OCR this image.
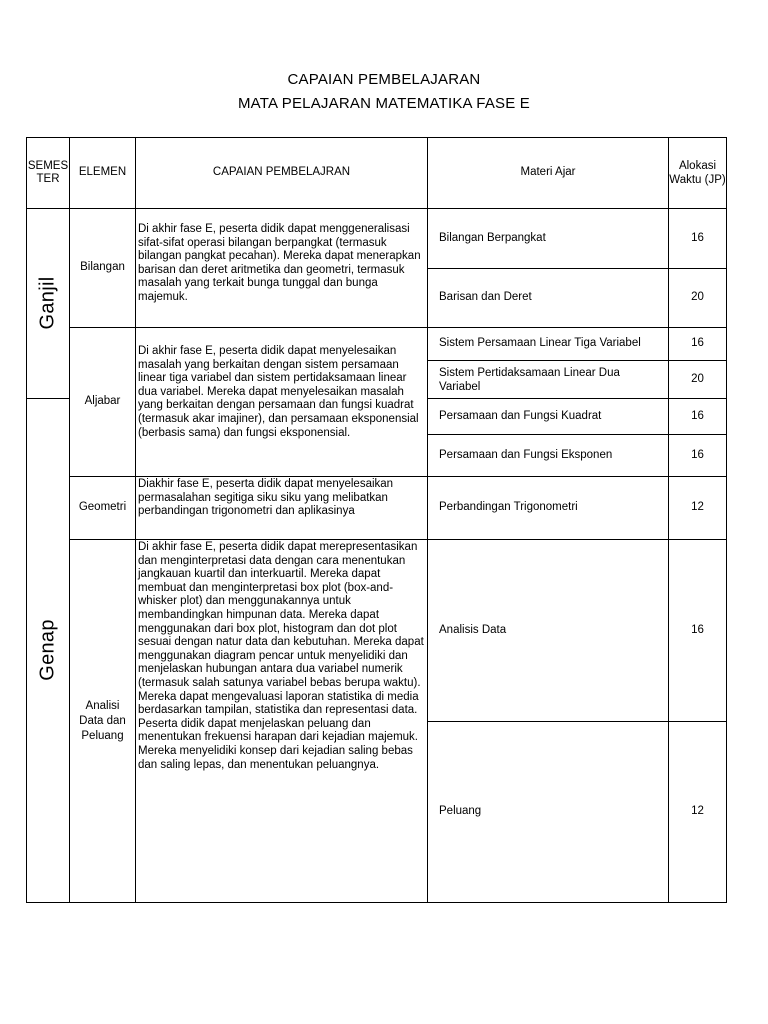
CAPAIAN PEMBELAJARAN
MATA PELAJARAN MATEMATIKA FASE E
SEMES TER
ELEMEN	CAPAIAN PEMBELAJRAN	Materi Ajar
Alokasi Waktu (JP)
Ganjil
Genap
Bilangan
Aljabar
Geometri
Analisi Data dan Peluang
Di akhir fase E, peserta didik dapat menggeneralisasi sifat-sifat operasi bilangan berpangkat (termasuk bilangan pangkat pecahan). Mereka dapat menerapkan barisan dan deret aritmetika dan geometri, termasuk masalah yang terkait bunga tunggal dan bunga majemuk.
Di akhir fase E, peserta didik dapat menyelesaikan masalah yang berkaitan dengan sistem persamaan linear tiga variabel dan sistem pertidaksamaan linear dua variabel. Mereka dapat menyelesaikan masalah yang berkaitan dengan persamaan dan fungsi kuadrat (termasuk akar imajiner), dan persamaan eksponensial (berbasis sama) dan fungsi eksponensial.
Diakhir fase E, peserta didik dapat menyelesaikan permasalahan segitiga siku siku yang melibatkan perbandingan trigonometri dan aplikasinya
Di akhir fase E, peserta didik dapat merepresentasikan dan menginterpretasi data dengan cara menentukan jangkauan kuartil dan interkuartil. Mereka dapat membuat dan menginterpretasi box plot (box-and-whisker plot) dan menggunakannya untuk membandingkan himpunan data. Mereka dapat menggunakan dari box plot, histogram dan dot plot sesuai dengan natur data dan kebutuhan. Mereka dapat menggunakan diagram pencar untuk menyelidiki dan menjelaskan hubungan antara dua variabel numerik (termasuk salah satunya variabel bebas berupa waktu). Mereka dapat mengevaluasi laporan statistika di media berdasarkan tampilan, statistika dan representasi data. Peserta didik dapat menjelaskan peluang dan menentukan frekuensi harapan dari kejadian majemuk. Mereka menyelidiki konsep dari kejadian saling bebas dan saling lepas, dan menentukan peluangnya.
Bilangan Berpangkat
Barisan dan Deret
Sistem Persamaan Linear Tiga Variabel
Sistem Pertidaksamaan Linear Dua Variabel
Persamaan dan Fungsi Kuadrat
Persamaan dan Fungsi Eksponen
Perbandingan Trigonometri
Analisis Data
Peluang
16
20
16
20
16
16
12
16
12
